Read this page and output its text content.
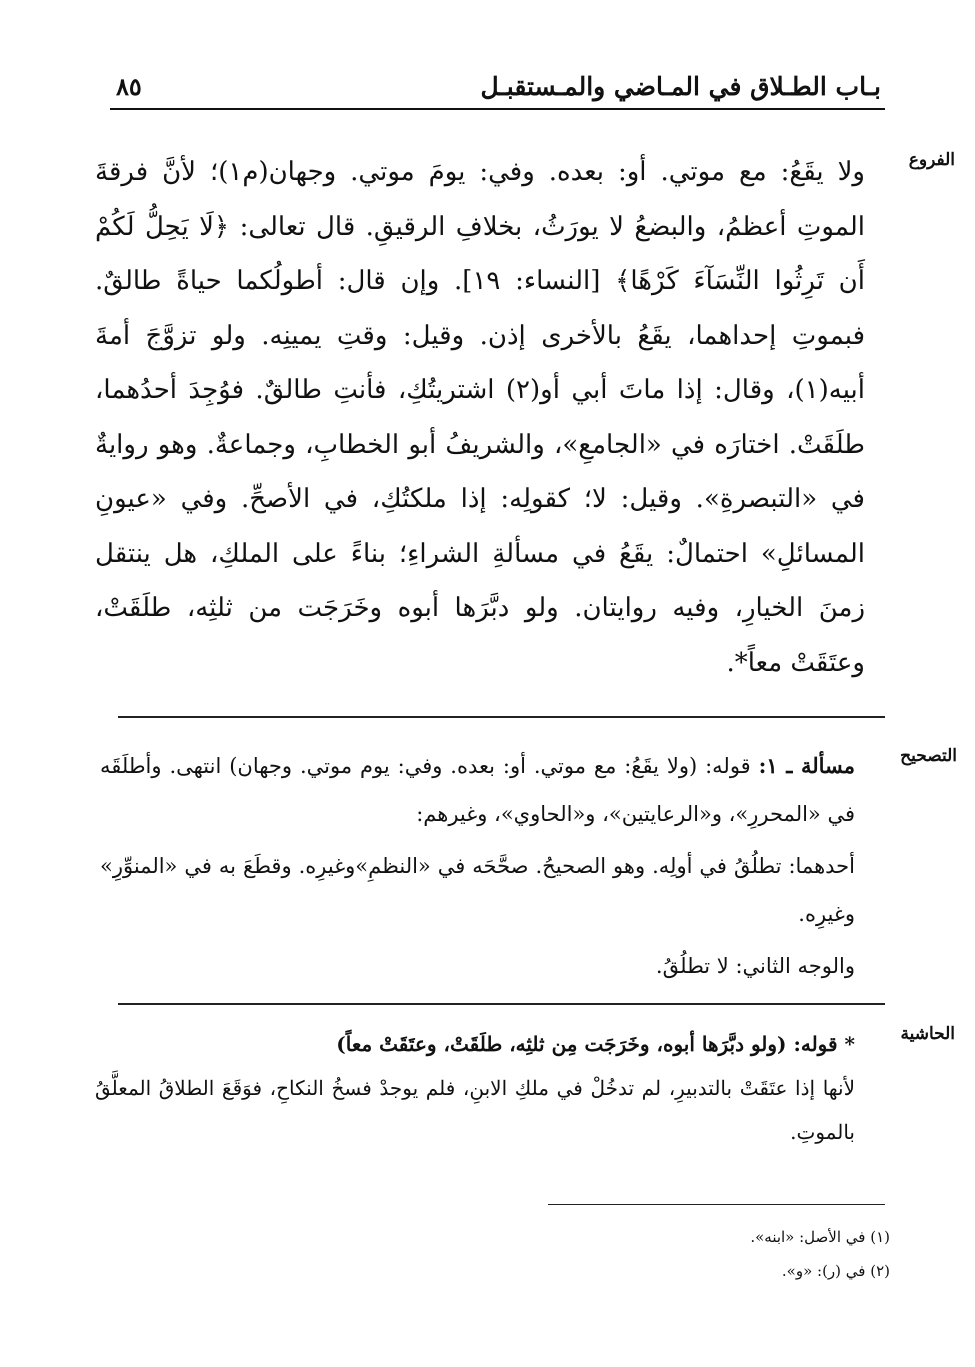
٨٥	بـاب الطـلاق في المـاضي والمـستقبـل
الفروع

ولا يقَعُ: مع موتي. أو: بعده. وفي: يومَ موتي. وجهان(م١)؛ لأنَّ فرقةَ الموتِ أعظمُ، والبضعُ لا يورَثُ، بخلافِ الرقيقِ. قال تعالى: ﴿لَا يَحِلُّ لَكُمْ أَن تَرِثُوا النِّسَآءَ كَرْهًا﴾ [النساء: ١٩]. وإن قال: أطولُكما حياةً طالقٌ. فبموتِ إحداهما، يقَعُ بالأخرى إذن. وقيل: وقتِ يمينِه. ولو تزوَّجَ أمةَ أبيه(١)، وقال: إذا ماتَ أبي أو(٢) اشتريتُكِ، فأنتِ طالقٌ. فوُجِدَ أحدُهما، طلَقَتْ. اختارَه في «الجامعِ»، والشريفُ أبو الخطابِ، وجماعةٌ. وهو روايةٌ في «التبصرةِ». وقيل: لا؛ كقولِه: إذا ملكتُكِ، في الأصحِّ. وفي «عيونِ المسائلِ» احتمالٌ: يقَعُ في مسألةِ الشراءِ؛ بناءً على الملكِ، هل ينتقل زمنَ الخيارِ، وفيه روايتان. ولو دبَّرَها أبوه وخَرَجَت من ثلثِه، طلَقَتْ، وعتَقَتْ معاً*.

التصحيح

مسألة ـ ١: قوله: (ولا يقَعُ: مع موتي. أو: بعده. وفي: يوم موتي. وجهان) انتهى. وأطلَقَه في «المحررِ»، و«الرعايتين»، و«الحاوي»، وغيرهم:

أحدهما: تطلُقُ في أولِه. وهو الصحيحُ. صحَّحَه في «النظمِ»وغيرِه. وقطَعَ به في «المنوِّرِ» وغيرِه.

والوجه الثاني: لا تطلُقُ.

الحاشية

* قوله: (ولو دبَّرَها أبوه، وخَرَجَت مِن ثلثِه، طلَقَتْ، وعتَقَتْ معاً)

لأنها إذا عتَقَتْ بالتدبيرِ، لم تدخُلْ في ملكِ الابنِ، فلم يوجدْ فسخُ النكاحِ، فوَقَعَ الطلاقُ المعلَّقُ بالموتِ.

(١) في الأصل: «ابنه».

(٢) في (ر): «و».
